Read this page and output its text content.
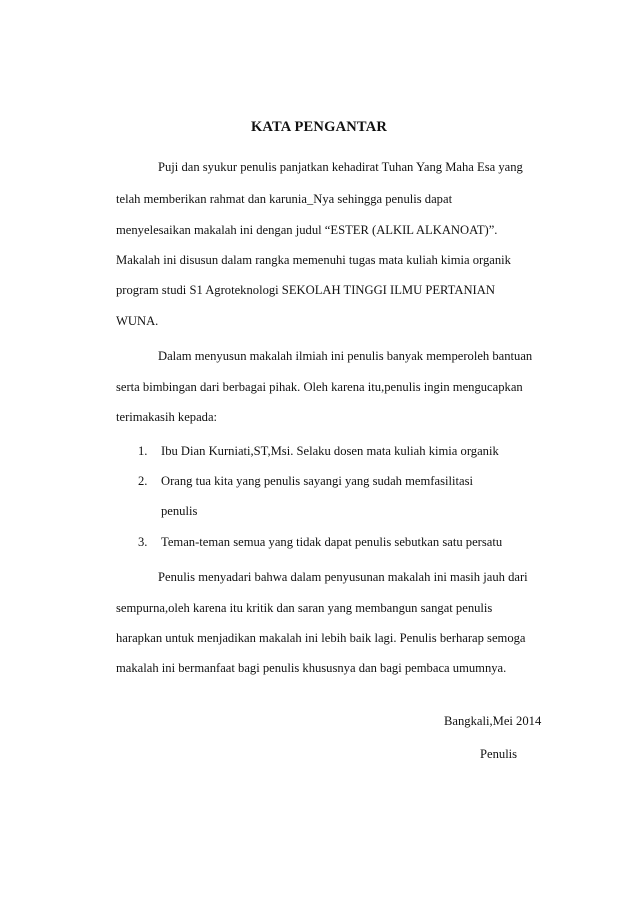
KATA PENGANTAR
Puji dan syukur penulis panjatkan kehadirat Tuhan Yang Maha Esa yang
telah memberikan rahmat dan karunia_Nya sehingga penulis dapat
menyelesaikan makalah ini dengan judul “ESTER (ALKIL ALKANOAT)”.
Makalah ini disusun dalam rangka memenuhi tugas mata kuliah kimia organik
program studi S1 Agroteknologi SEKOLAH TINGGI ILMU PERTANIAN
WUNA.
Dalam menyusun makalah ilmiah ini penulis banyak memperoleh bantuan
serta bimbingan dari berbagai pihak. Oleh karena itu,penulis ingin mengucapkan
terimakasih kepada:
1. Ibu Dian Kurniati,ST,Msi. Selaku dosen mata kuliah kimia organik
2. Orang tua kita yang penulis sayangi yang sudah memfasilitasi
penulis
3. Teman-teman semua yang tidak dapat penulis sebutkan satu persatu
Penulis menyadari bahwa dalam penyusunan makalah ini masih jauh dari
sempurna,oleh karena itu kritik dan saran yang membangun sangat penulis
harapkan untuk menjadikan makalah ini lebih baik lagi. Penulis berharap semoga
makalah ini bermanfaat bagi penulis khususnya dan bagi pembaca umumnya.
Bangkali,Mei 2014
Penulis
